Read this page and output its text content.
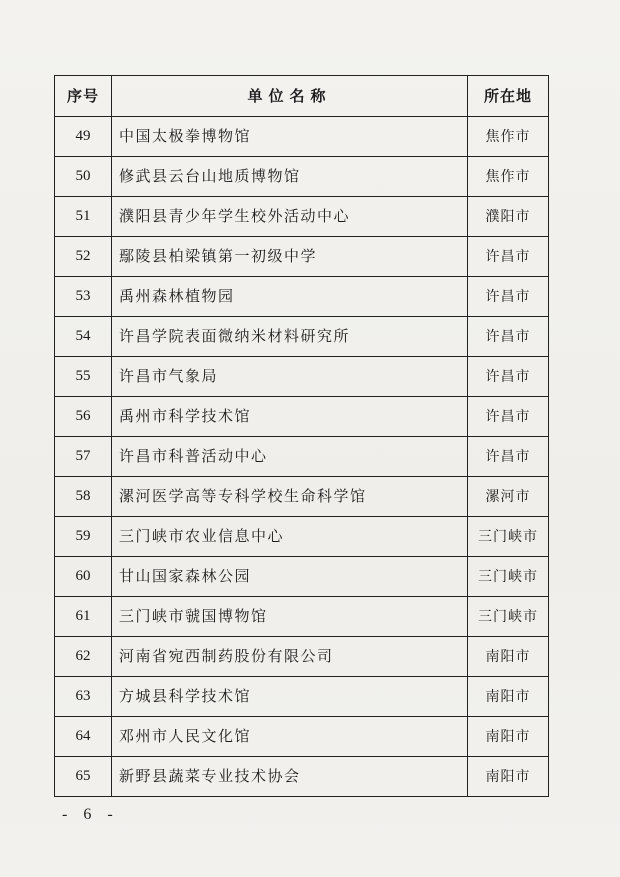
序号	单位名称	所在地
49	中国太极拳博物馆	焦作市
50	修武县云台山地质博物馆	焦作市
51	濮阳县青少年学生校外活动中心	濮阳市
52	鄢陵县柏梁镇第一初级中学	许昌市
53	禹州森林植物园	许昌市
54	许昌学院表面微纳米材料研究所	许昌市
55	许昌市气象局	许昌市
56	禹州市科学技术馆	许昌市
57	许昌市科普活动中心	许昌市
58	漯河医学高等专科学校生命科学馆	漯河市
59	三门峡市农业信息中心	三门峡市
60	甘山国家森林公园	三门峡市
61	三门峡市虢国博物馆	三门峡市
62	河南省宛西制药股份有限公司	南阳市
63	方城县科学技术馆	南阳市
64	邓州市人民文化馆	南阳市
65	新野县蔬菜专业技术协会	南阳市
- 6 -
